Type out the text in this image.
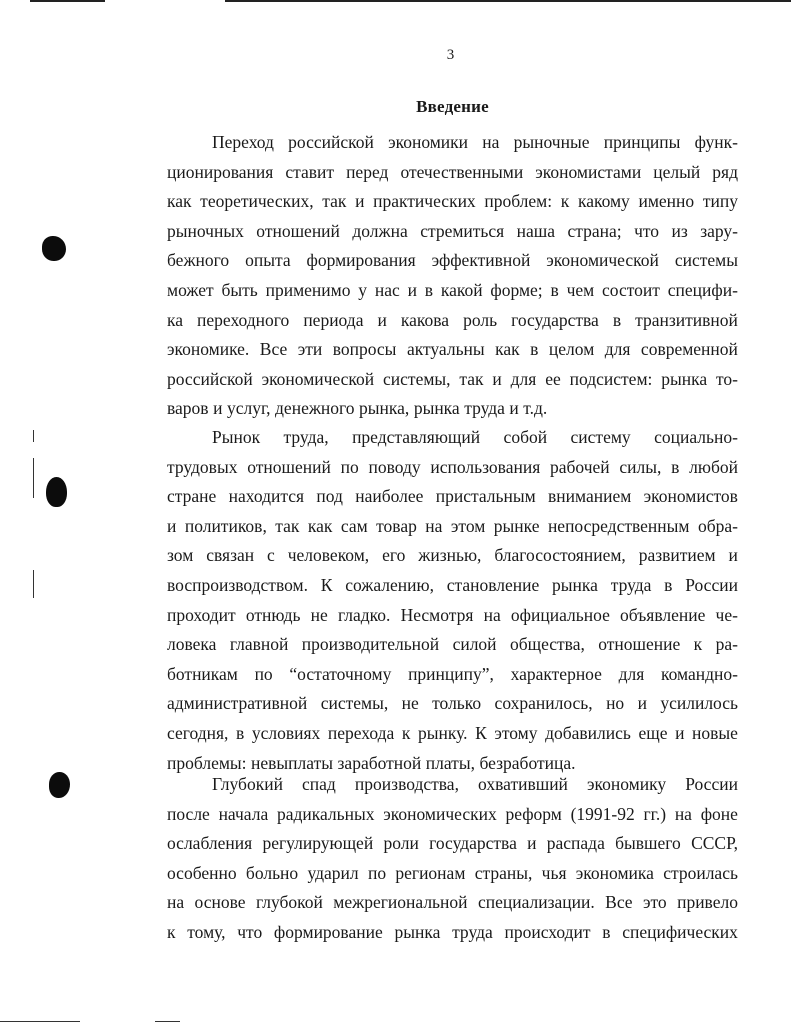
3
Введение
Переход российской экономики на рыночные принципы функ-
ционирования ставит перед отечественными экономистами целый ряд
как теоретических, так и практических проблем: к какому именно типу
рыночных отношений должна стремиться наша страна; что из зару-
бежного опыта формирования эффективной экономической системы
может быть применимо у нас и в какой форме; в чем состоит специфи-
ка переходного периода и какова роль государства в транзитивной
экономике. Все эти вопросы актуальны как в целом для современной
российской экономической системы, так и для ее подсистем: рынка то-
варов и услуг, денежного рынка, рынка труда и т.д.
Рынок труда, представляющий собой систему социально-
трудовых отношений по поводу использования рабочей силы, в любой
стране находится под наиболее пристальным вниманием экономистов
и политиков, так как сам товар на этом рынке непосредственным обра-
зом связан с человеком, его жизнью, благосостоянием, развитием и
воспроизводством. К сожалению, становление рынка труда в России
проходит отнюдь не гладко. Несмотря на официальное объявление че-
ловека главной производительной силой общества, отношение к ра-
ботникам по “остаточному принципу”, характерное для командно-
административной системы, не только сохранилось, но и усилилось
сегодня, в условиях перехода к рынку. К этому добавились еще и новые
проблемы: невыплаты заработной платы, безработица.
Глубокий спад производства, охвативший экономику России
после начала радикальных экономических реформ (1991-92 гг.) на фоне
ослабления регулирующей роли государства и распада бывшего СССР,
особенно больно ударил по регионам страны, чья экономика строилась
на основе глубокой межрегиональной специализации. Все это привело
к тому, что формирование рынка труда происходит в специфических
